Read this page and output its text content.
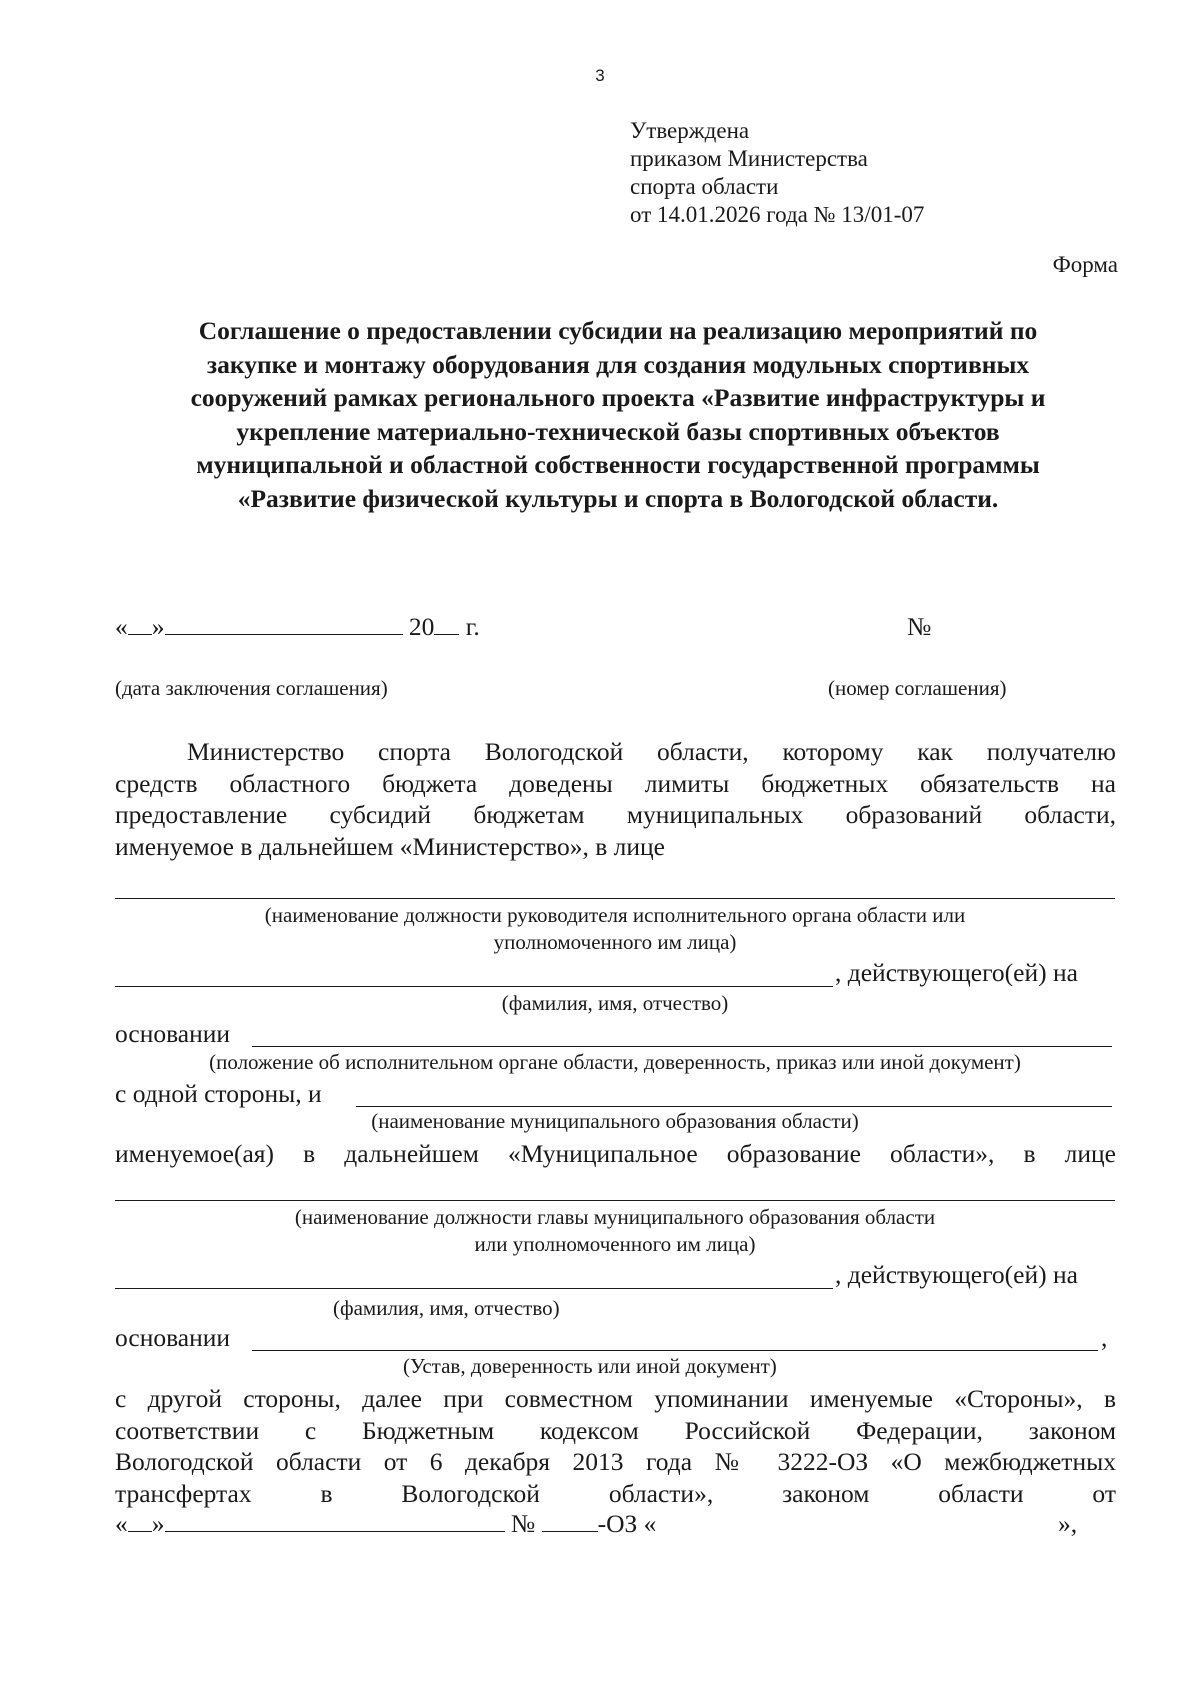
3
Утверждена
приказом Министерства
спорта области
от 14.01.2026 года № 13/01-07
Форма
Соглашение о предоставлении субсидии на реализацию мероприятий по
закупке и монтажу оборудования для создания модульных спортивных
сооружений рамках регионального проекта «Развитие инфраструктуры и
укрепление материально-технической базы спортивных объектов
муниципальной и областной собственности государственной программы
«Развитие физической культуры и спорта в Вологодской области.
« »	20 г.	№
(дата заключения соглашения)	(номер соглашения)
Министерство спорта Вологодской области, которому как получателю
средств областного бюджета доведены лимиты бюджетных обязательств на
предоставление субсидий бюджетам муниципальных образований области,
именуемое в дальнейшем «Министерство», в лице
(наименование должности руководителя исполнительного органа области или
уполномоченного им лица)
, действующего(ей) на
(фамилия, имя, отчество)
основании
(положение об исполнительном органе области, доверенность, приказ или иной документ)
с одной стороны, и
(наименование муниципального образования области)
именуемое(ая) в дальнейшем «Муниципальное образование области», в лице
(наименование должности главы муниципального образования области
или уполномоченного им лица)
, действующего(ей) на
(фамилия, имя, отчество)
основании	,
(Устав, доверенность или иной документ)
с другой стороны, далее при совместном упоминании именуемые «Стороны», в
соответствии с Бюджетным кодексом Российской Федерации, законом
Вологодской области от 6 декабря 2013 года № 3222-ОЗ «О межбюджетных
трансфертах в Вологодской области», законом области от
« »	№ -ОЗ «	»,
